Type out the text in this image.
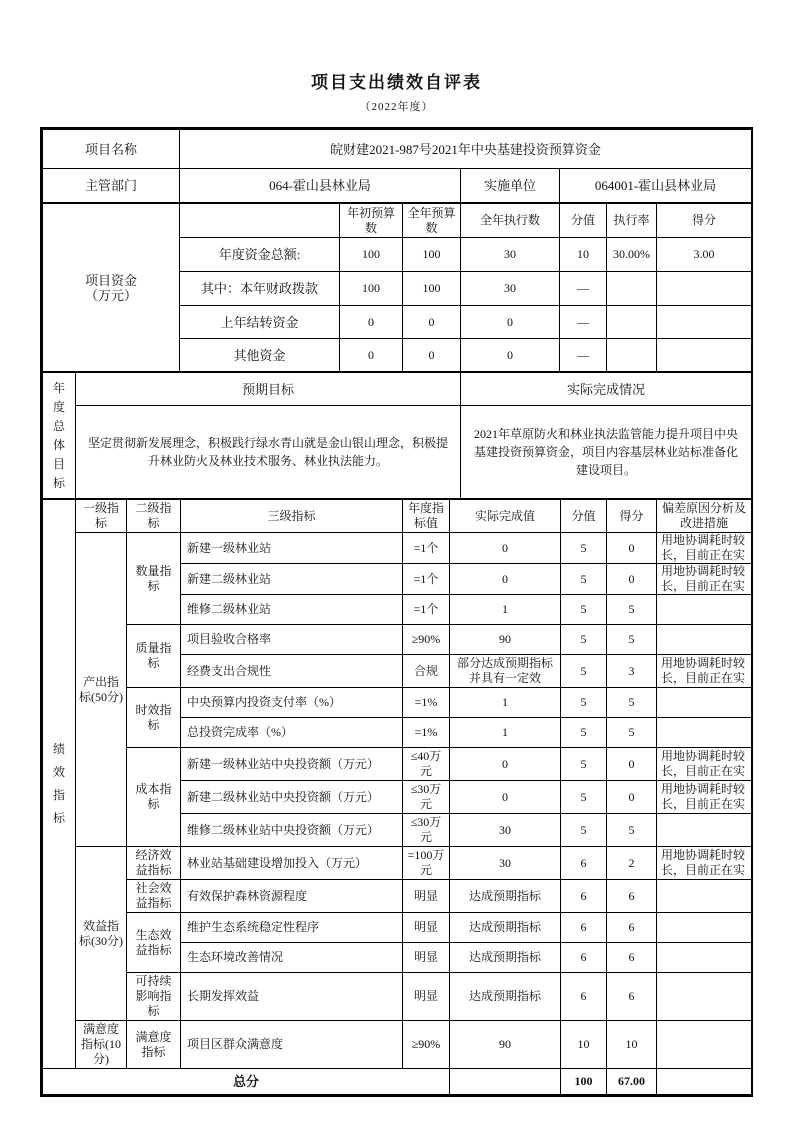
项目支出绩效自评表
（2022年度）
项目名称	皖财建2021-987号2021年中央基建投资预算资金		
主管部门	064-霍山县林业局	实施单位	064001-霍山县林业局
项目资金（万元）		年初预算数	全年预算数	全年执行数	分值	执行率	得分
	年度资金总额:	100	100	30	10	30.00%	3.00
	其中：本年财政拨款	100	100	30	—		
	上年结转资金	0	0	0	—		
	其他资金	0	0	0	—		
年度总体目标	预期目标	实际完成情况
	坚定贯彻新发展理念，积极践行绿水青山就是金山银山理念，积极提升林业防火及林业技术服务、林业执法能力。	2021年草原防火和林业执法监管能力提升项目中央基建投资预算资金，项目内容基层林业站标准备化建设项目。
绩效指标	一级指标	二级指标	三级指标	年度指标值	实际完成值	分值	得分	偏差原因分析及改进措施
	产出指标(50分)	数量指标	新建一级林业站	=1个	0	5	0	用地协调耗时较长，目前正在实

			新建二级林业站	=1个	0	5	0	用地协调耗时较长，目前正在实

			维修二级林业站	=1个	1	5	5	

		质量指标	项目验收合格率	≥90%	90	5	5	

			经费支出合规性	合规	部分达成预期指标并具有一定效	5	3	用地协调耗时较长，目前正在实

		时效指标	中央预算内投资支付率（%）	=1%	1	5	5	

			总投资完成率（%）	=1%	1	5	5	

		成本指标	新建一级林业站中央投资额（万元）	≤40万元	0	5	0	用地协调耗时较长，目前正在实

			新建二级林业站中央投资额（万元）	≤30万元	0	5	0	用地协调耗时较长，目前正在实

			维修二级林业站中央投资额（万元）	≤30万元	30	5	5	

	效益指标(30分)	经济效益指标	林业站基础建设增加投入（万元）	=100万元	30	6	2	用地协调耗时较长，目前正在实

		社会效益指标	有效保护森林资源程度	明显	达成预期指标	6	6	

		生态效益指标	维护生态系统稳定性程序	明显	达成预期指标	6	6	

			生态环境改善情况	明显	达成预期指标	6	6	

		可持续影响指标	长期发挥效益	明显	达成预期指标	6	6	

	满意度指标(10分)	满意度指标	项目区群众满意度	≥90%	90	10	10	

总分						100	67.00	
